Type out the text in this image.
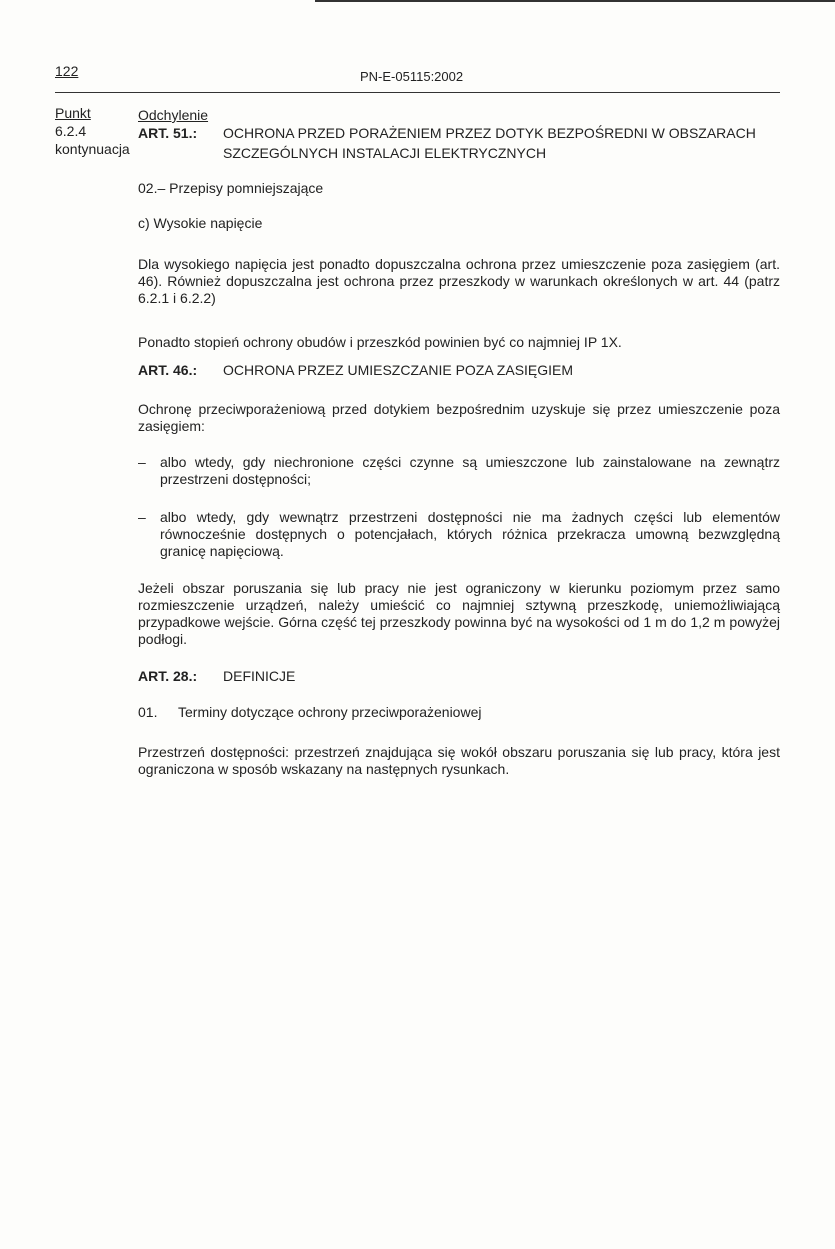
122	PN-E-05115:2002
Punkt	Odchylenie
6.2.4
kontynuacja
ART. 51.: OCHRONA PRZED PORAŻENIEM PRZEZ DOTYK BEZPOŚREDNI W OBSZARACH
SZCZEGÓLNYCH INSTALACJI ELEKTRYCZNYCH
02.– Przepisy pomniejszające
c) Wysokie napięcie
Dla wysokiego napięcia jest ponadto dopuszczalna ochrona przez umieszczenie poza zasięgiem (art. 46). Również dopuszczalna jest ochrona przez przeszkody w warunkach określonych w art. 44 (patrz 6.2.1 i 6.2.2)
Ponadto stopień ochrony obudów i przeszkód powinien być co najmniej IP 1X.
ART. 46.: OCHRONA PRZEZ UMIESZCZANIE POZA ZASIĘGIEM
Ochronę przeciwporażeniową przed dotykiem bezpośrednim uzyskuje się przez umieszczenie poza zasięgiem:
– albo wtedy, gdy niechronione części czynne są umieszczone lub zainstalowane na zewnątrz przestrzeni dostępności;
– albo wtedy, gdy wewnątrz przestrzeni dostępności nie ma żadnych części lub elementów równocześnie dostępnych o potencjałach, których różnica przekracza umowną bezwzględną granicę napięciową.
Jeżeli obszar poruszania się lub pracy nie jest ograniczony w kierunku poziomym przez samo rozmieszczenie urządzeń, należy umieścić co najmniej sztywną przeszkodę, uniemożliwiającą przypadkowe wejście. Górna część tej przeszkody powinna być na wysokości od 1 m do 1,2 m powyżej podłogi.
ART. 28.: DEFINICJE
01. Terminy dotyczące ochrony przeciwporażeniowej
Przestrzeń dostępności: przestrzeń znajdująca się wokół obszaru poruszania się lub pracy, która jest ograniczona w sposób wskazany na następnych rysunkach.
